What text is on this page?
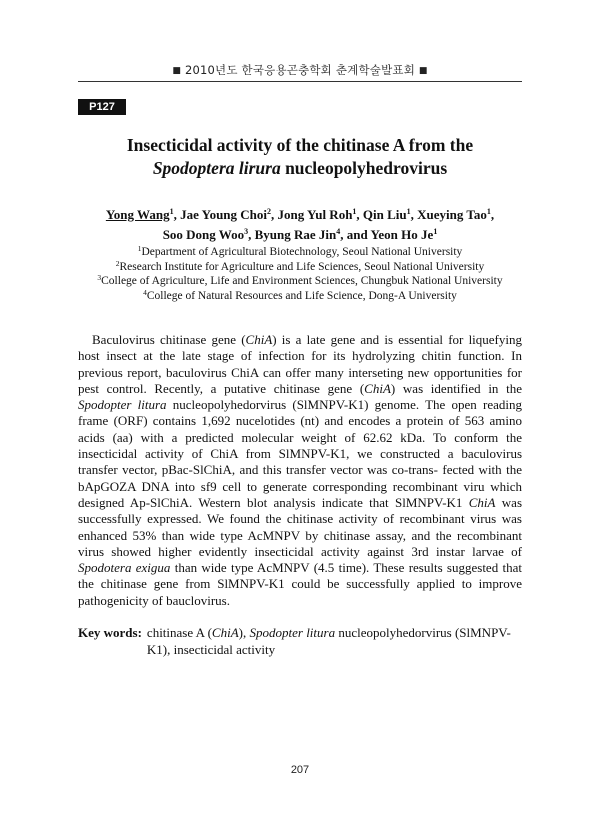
■ 2010년도 한국응용곤충학회 춘계학술발표회 ■
P127
Insecticidal activity of the chitinase A from the
Spodoptera lirura nucleopolyhedrovirus
Yong Wang$^1$, Jae Young Choi$^2$, Jong Yul Roh$^1$, Qin Liu$^1$, Xueying Tao$^1$,
Soo Dong Woo$^3$, Byung Rae Jin$^4$, and Yeon Ho Je$^1$
$^1$Department of Agricultural Biotechnology, Seoul National University
$^2$Research Institute for Agriculture and Life Sciences, Seoul National University
$^3$College of Agriculture, Life and Environment Sciences, Chungbuk National University
$^4$College of Natural Resources and Life Science, Dong-A University

Baculovirus chitinase gene (ChiA) is a late gene and is essential for liquefying host insect at the late stage of infection for its hydrolyzing chitin function. In previous report, baculovirus ChiA can offer many interseting new opportunities for pest control. Recently, a putative chitinase gene (ChiA) was identified in the Spodopter litura nucleopolyhedorvirus (SlMNPV-K1) genome. The open reading frame (ORF) contains 1,692 nucelotides (nt) and encodes a protein of 563 amino acids (aa) with a predicted molecular weight of 62.62 kDa. To conform the insecticidal activity of ChiA from SlMNPV-K1, we constructed a baculovirus transfer vector, pBac-SlChiA, and this transfer vector was co-trans- fected with the bApGOZA DNA into sf9 cell to generate corresponding recombinant viru which designed Ap-SlChiA. Western blot analysis indicate that SlMNPV-K1 ChiA was successfully expressed. We found the chitinase activity of recombinant virus was enhanced 53% than wide type AcMNPV by chitinase assay, and the recombinant virus showed higher evidently insecticidal activity against 3rd instar larvae of Spodotera exigua than wide type AcMNPV (4.5 time). These results suggested that the chitinase gene from SlMNPV-K1 could be successfully applied to improve pathogenicity of bauclovirus.

Key words: chitinase A (ChiA), Spodopter litura nucleopolyhedorvirus (SlMNPV- K1), insecticidal activity
207
